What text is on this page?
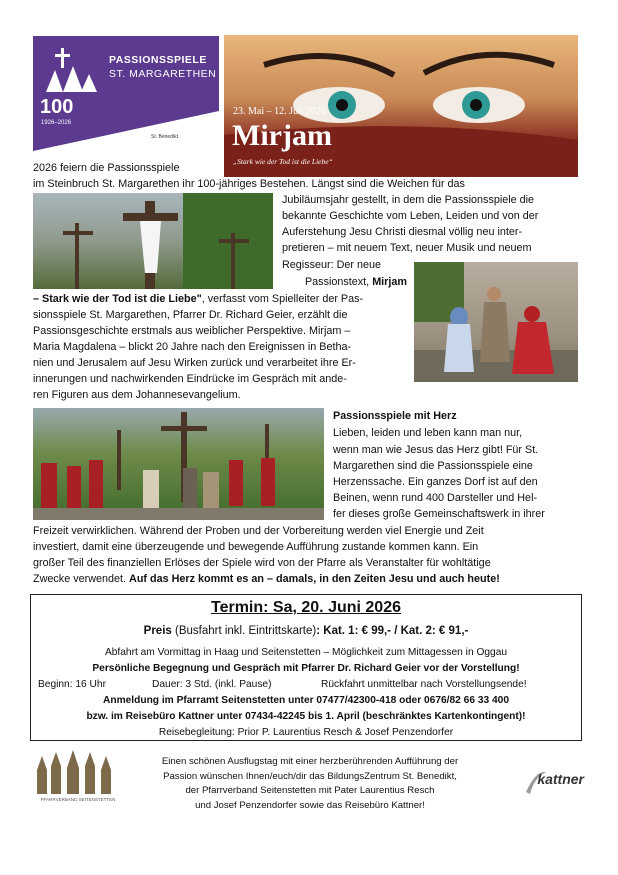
PASSIONSSPIELE
ST. MARGARETHEN
100
1926–2026
St. Benedikt
23. Mai – 12. Juli 2026
Mirjam
„Stark wie der Tod ist die Liebe“

2026 feiern die Passionsspiele

im Steinbruch St. Margarethen ihr 100-jähriges Bestehen. Längst sind die Weichen für das

Jubiläumsjahr gestellt, in dem die Passionsspiele die

bekannte Geschichte vom Leben, Leiden und von der

Auferstehung Jesu Christi diesmal völlig neu inter-

pretieren – mit neuem Text, neuer Musik und neuem

Regisseur: Der neue

Passionstext, Mirjam

– Stark wie der Tod ist die Liebe", verfasst vom Spielleiter der Pas-

sionsspiele St. Margarethen, Pfarrer Dr. Richard Geier, erzählt die

Passionsgeschichte erstmals aus weiblicher Perspektive. Mirjam –

Maria Magdalena – blickt 20 Jahre nach den Ereignissen in Betha-

nien und Jerusalem auf Jesu Wirken zurück und verarbeitet ihre Er-

innerungen und nachwirkenden Eindrücke im Gespräch mit ande-

ren Figuren aus dem Johannesevangelium.

Passionsspiele mit Herz

Lieben, leiden und leben kann man nur,

wenn man wie Jesus das Herz gibt! Für St.

Margarethen sind die Passionsspiele eine

Herzenssache. Ein ganzes Dorf ist auf den

Beinen, wenn rund 400 Darsteller und Hel-

fer dieses große Gemeinschaftswerk in ihrer

Freizeit verwirklichen. Während der Proben und der Vorbereitung werden viel Energie und Zeit

investiert, damit eine überzeugende und bewegende Aufführung zustande kommen kann. Ein

großer Teil des finanziellen Erlöses der Spiele wird von der Pfarre als Veranstalter für wohltätige

Zwecke verwendet. Auf das Herz kommt es an – damals, in den Zeiten Jesu und auch heute!

Termin: Sa, 20. Juni 2026
Preis (Busfahrt inkl. Eintrittskarte): Kat. 1: € 99,- / Kat. 2: € 91,-
Abfahrt am Vormittag in Haag und Seitenstetten – Möglichkeit zum Mittagessen in Oggau
Persönliche Begegnung und Gespräch mit Pfarrer Dr. Richard Geier vor der Vorstellung!
Beginn: 16 Uhr	Dauer: 3 Std. (inkl. Pause)	Rückfahrt unmittelbar nach Vorstellungsende!
Anmeldung im Pfarramt Seitenstetten unter 07477/42300-418 oder 0676/82 66 33 400
bzw. im Reisebüro Kattner unter 07434-42245 bis 1. April (beschränktes Kartenkontingent)!
Reisebegleitung: Prior P. Laurentius Resch & Josef Penzendorfer
PFARRVERBAND SEITENSTETTEN
Einen schönen Ausflugstag mit einer herzberührenden Aufführung der
Passion wünschen Ihnen/euch/dir das BildungsZentrum St. Benedikt,
der Pfarrverband Seitenstetten mit Pater Laurentius Resch
und Josef Penzendorfer sowie das Reisebüro Kattner!
kattner
